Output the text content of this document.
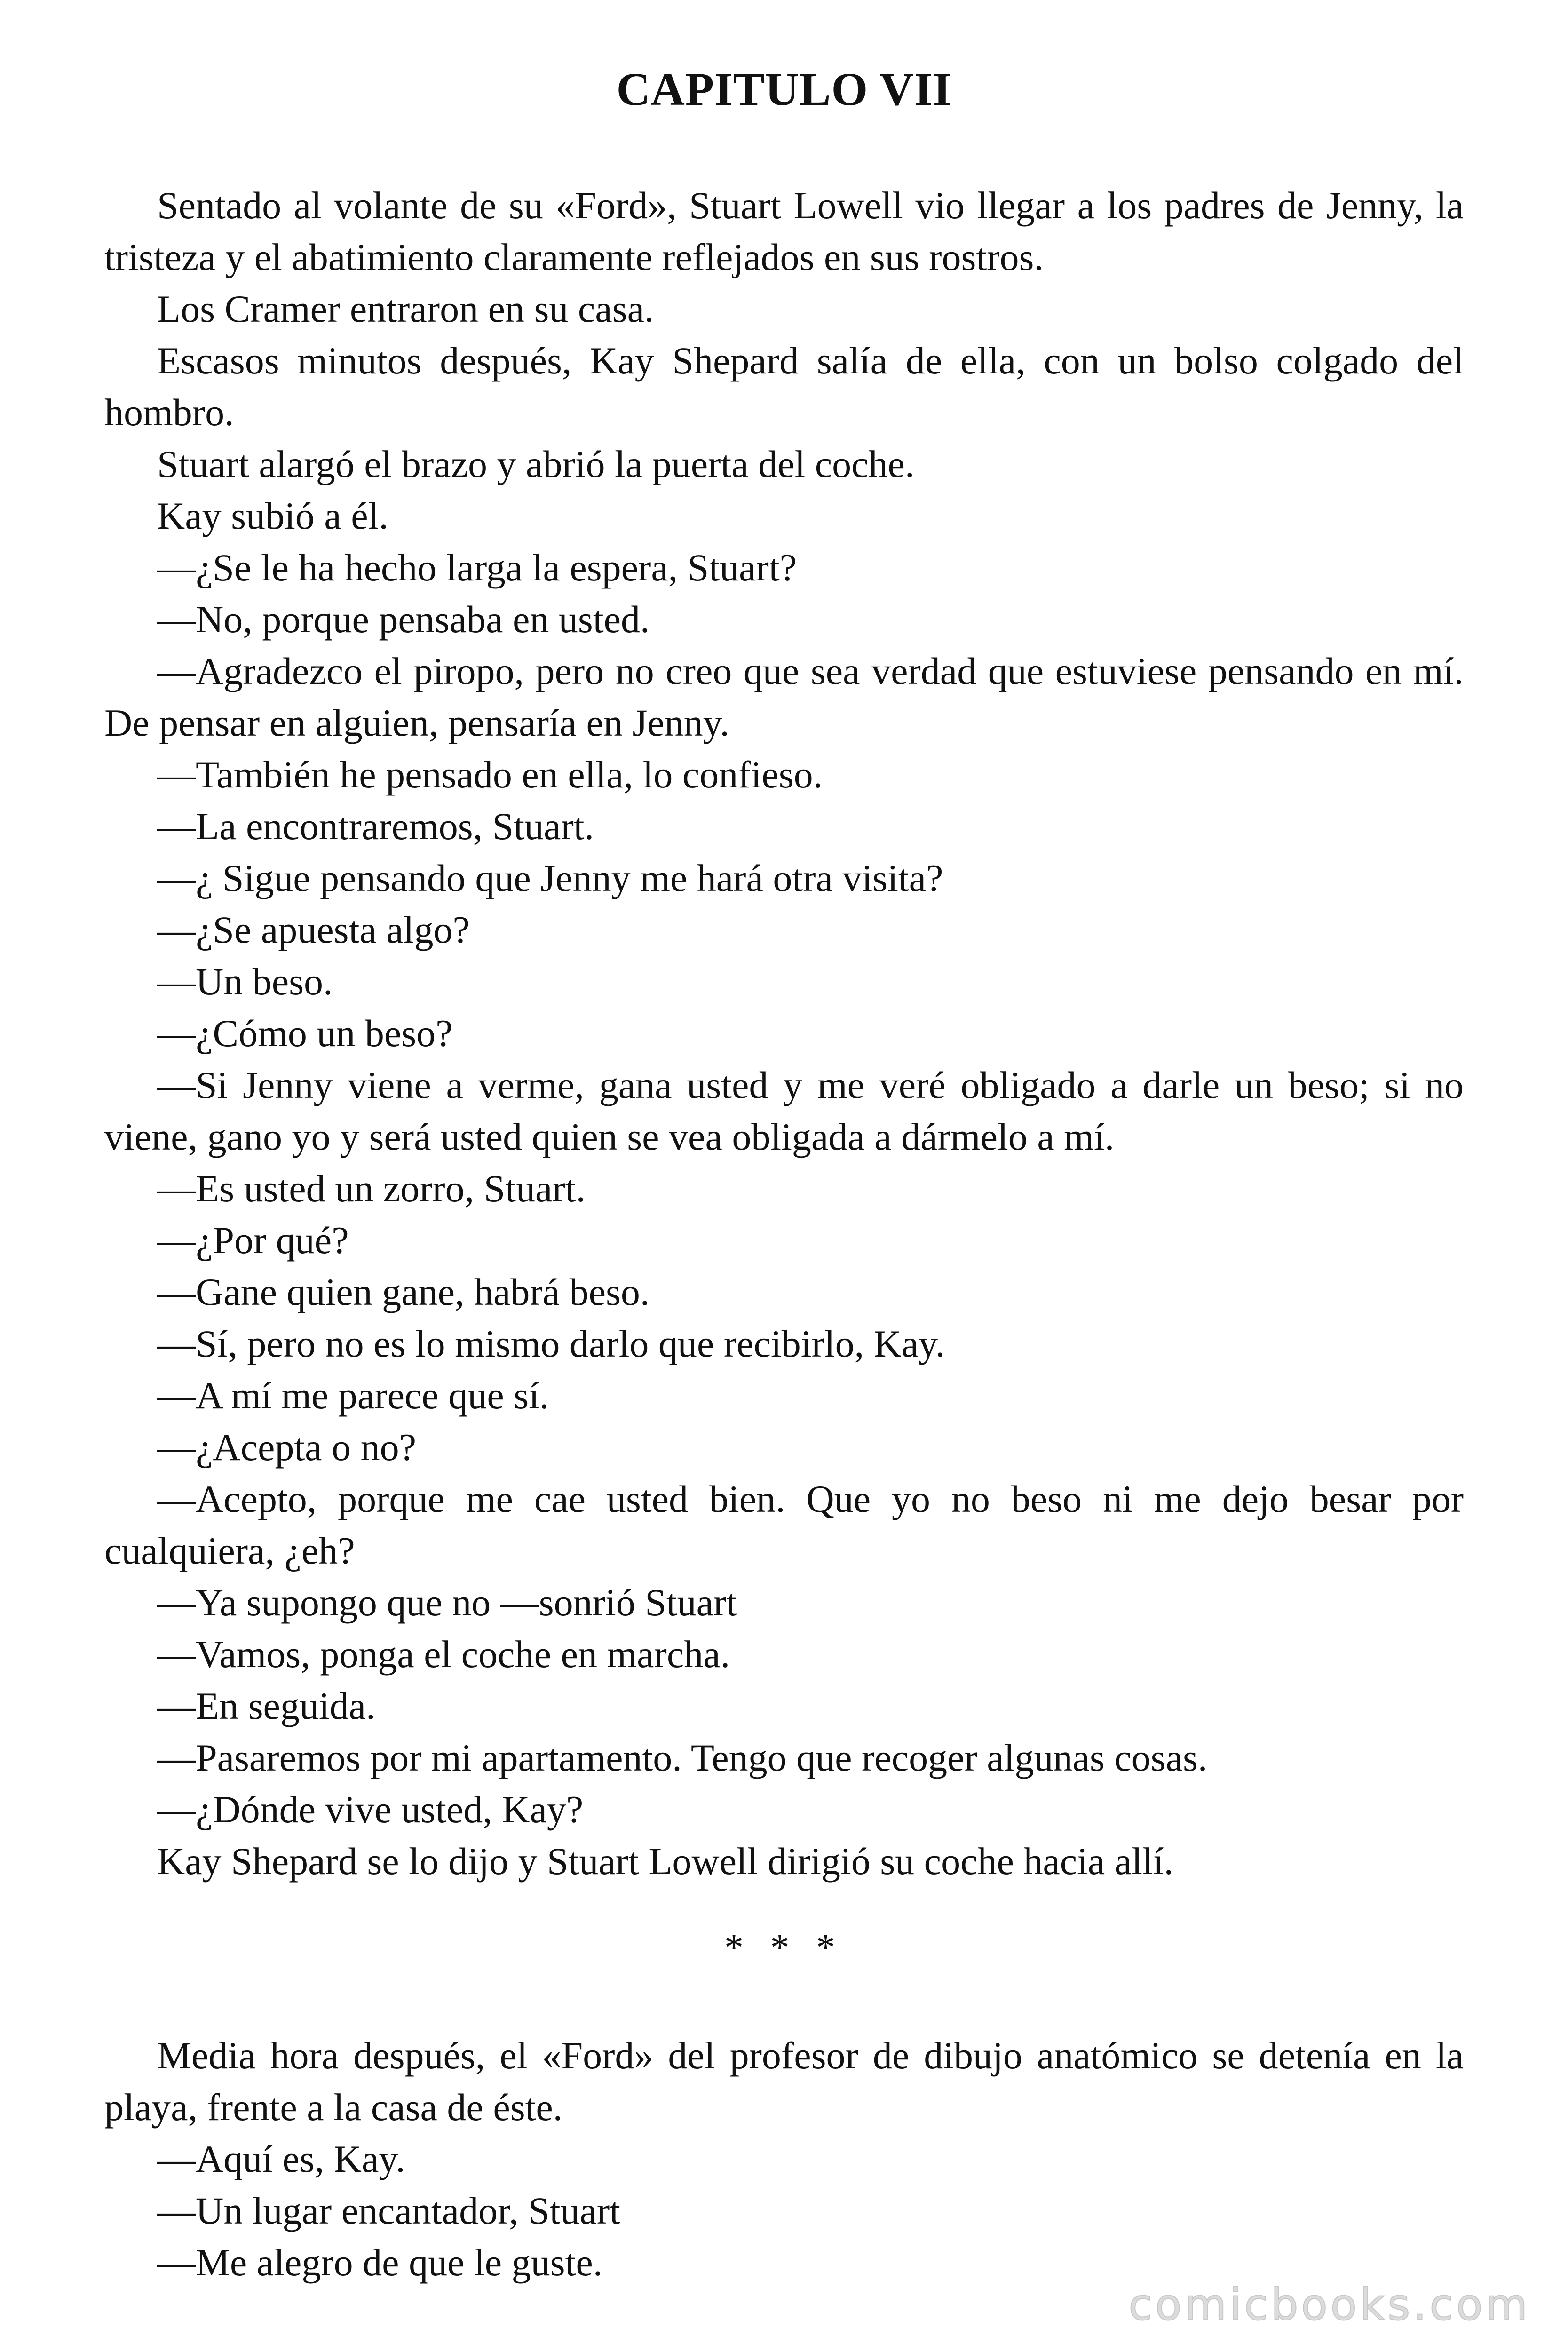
CAPITULO VII

Sentado al volante de su «Ford», Stuart Lowell vio llegar a los padres de Jenny, la tristeza y el abatimiento claramente reflejados en sus rostros.

Los Cramer entraron en su casa.

Escasos minutos después, Kay Shepard salía de ella, con un bolso colgado del hombro.

Stuart alargó el brazo y abrió la puerta del coche.

Kay subió a él.

—¿Se le ha hecho larga la espera, Stuart?

—No, porque pensaba en usted.

—Agradezco el piropo, pero no creo que sea verdad que estuviese pensando en mí. De pensar en alguien, pensaría en Jenny.

—También he pensado en ella, lo confieso.

—La encontraremos, Stuart.

—¿ Sigue pensando que Jenny me hará otra visita?

—¿Se apuesta algo?

—Un beso.

—¿Cómo un beso?

—Si Jenny viene a verme, gana usted y me veré obligado a darle un beso; si no viene, gano yo y será usted quien se vea obligada a dármelo a mí.

—Es usted un zorro, Stuart.

—¿Por qué?

—Gane quien gane, habrá beso.

—Sí, pero no es lo mismo darlo que recibirlo, Kay.

—A mí me parece que sí.

—¿Acepta o no?

—Acepto, porque me cae usted bien. Que yo no beso ni me dejo besar por cualquiera, ¿eh?

—Ya supongo que no —sonrió Stuart

—Vamos, ponga el coche en marcha.

—En seguida.

—Pasaremos por mi apartamento. Tengo que recoger algunas cosas.

—¿Dónde vive usted, Kay?

Kay Shepard se lo dijo y Stuart Lowell dirigió su coche hacia allí.

* * *

Media hora después, el «Ford» del profesor de dibujo anatómico se detenía en la playa, frente a la casa de éste.

—Aquí es, Kay.

—Un lugar encantador, Stuart

—Me alegro de que le guste.

comicbooks.com
